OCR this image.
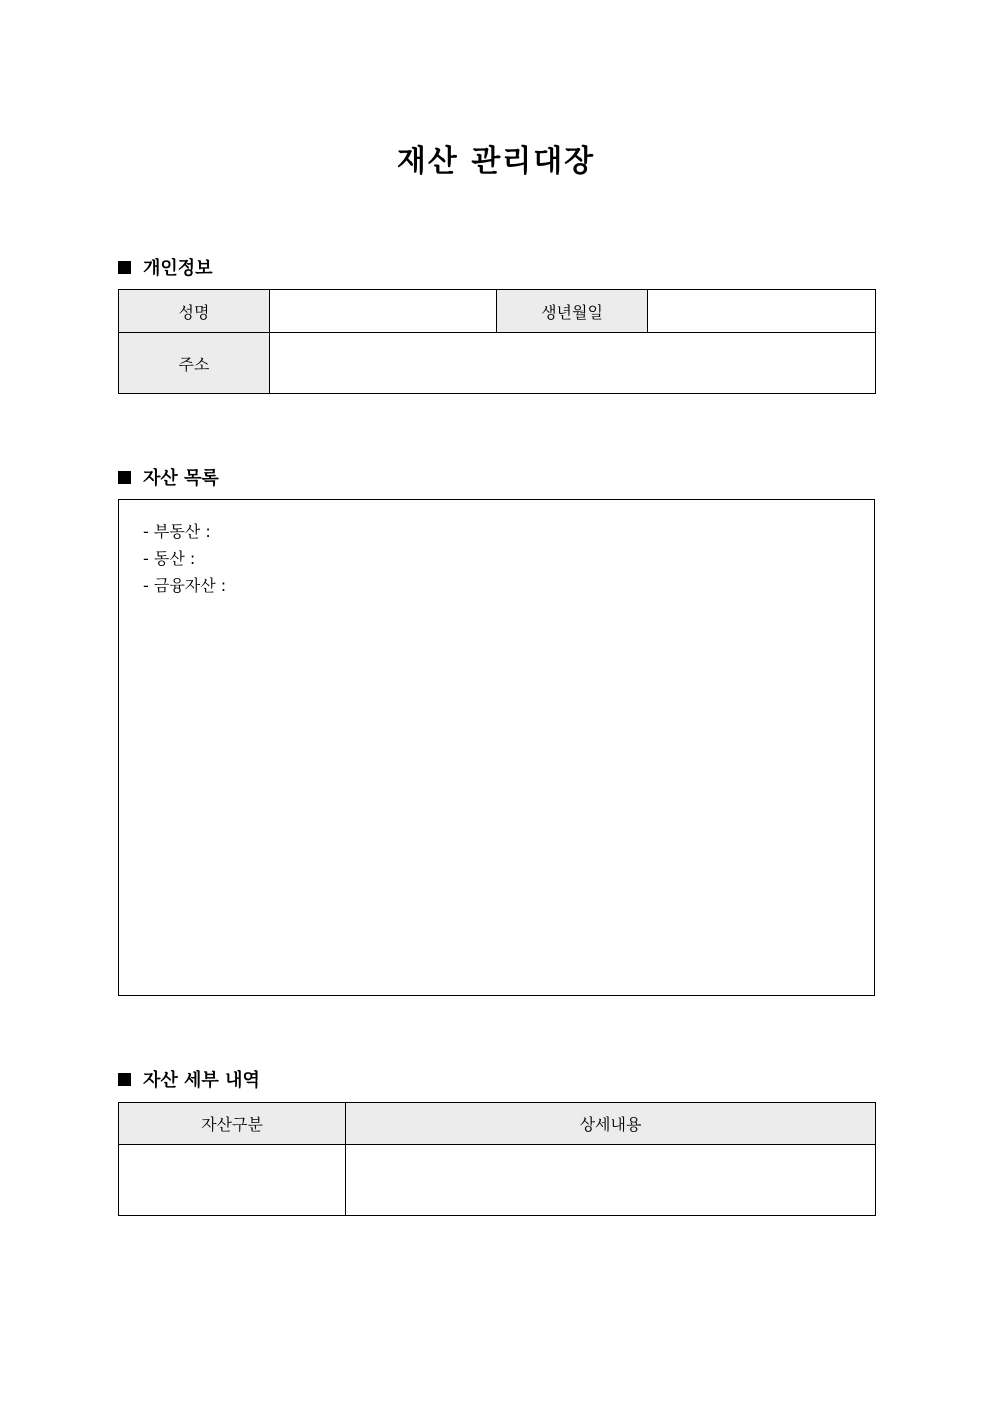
재산 관리대장
개인정보
성명		생년월일	
주소			
자산 목록
- 부동산 :
- 동산 :
- 금융자산 :
자산 세부 내역
자산구분	상세내용
